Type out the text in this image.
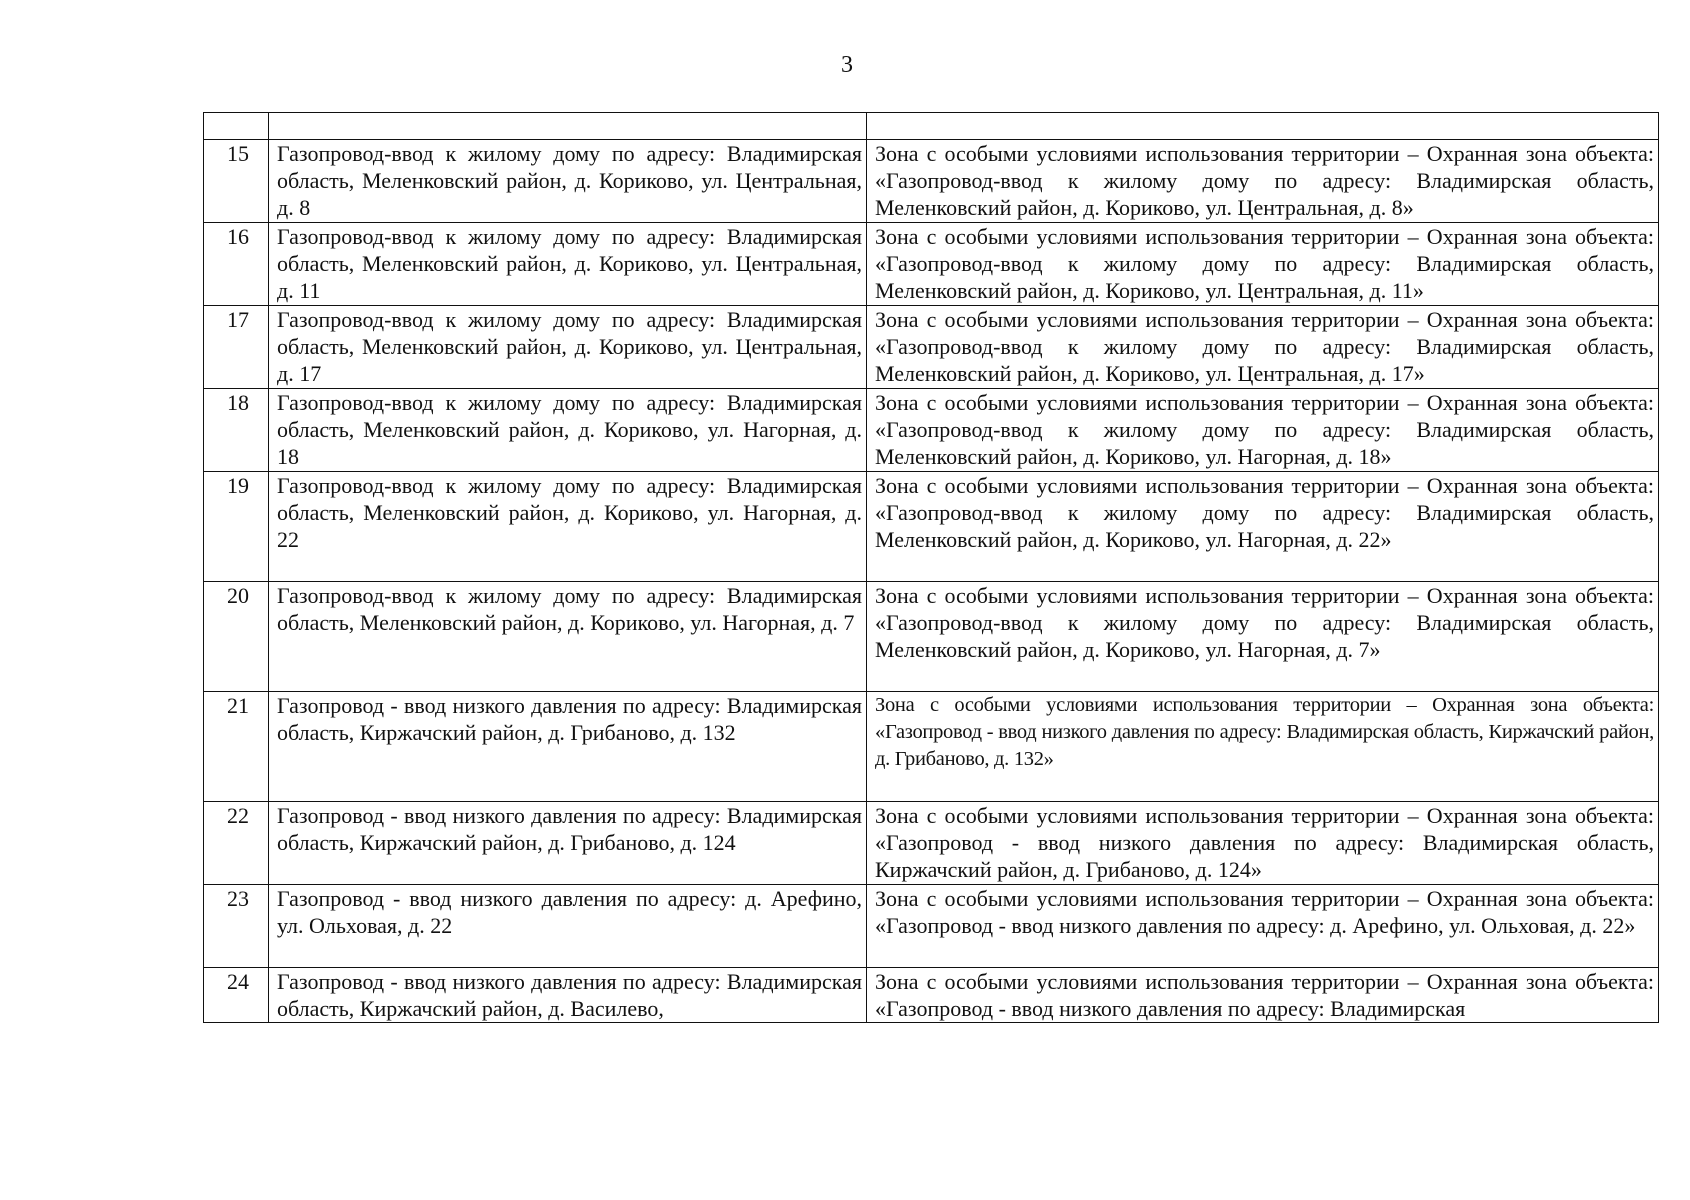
3

15	Газопровод-ввод к жилому дому по адресу: Владимирская область, Меленковский район, д. Кориково, ул. Центральная, д. 8	Зона с особыми условиями использования территории – Охранная зона объекта: «Газопровод-ввод к жилому дому по адресу: Владимирская область, Меленковский район, д. Кориково, ул. Центральная, д. 8»
16	Газопровод-ввод к жилому дому по адресу: Владимирская область, Меленковский район, д. Кориково, ул. Центральная, д. 11	Зона с особыми условиями использования территории – Охранная зона объекта: «Газопровод-ввод к жилому дому по адресу: Владимирская область, Меленковский район, д. Кориково, ул. Центральная, д. 11»
17	Газопровод-ввод к жилому дому по адресу: Владимирская область, Меленковский район, д. Кориково, ул. Центральная, д. 17	Зона с особыми условиями использования территории – Охранная зона объекта: «Газопровод-ввод к жилому дому по адресу: Владимирская область, Меленковский район, д. Кориково, ул. Центральная, д. 17»
18	Газопровод-ввод к жилому дому по адресу: Владимирская область, Меленковский район, д. Кориково, ул. Нагорная, д. 18	Зона с особыми условиями использования территории – Охранная зона объекта: «Газопровод-ввод к жилому дому по адресу: Владимирская область, Меленковский район, д. Кориково, ул. Нагорная, д. 18»
19	Газопровод-ввод к жилому дому по адресу: Владимирская область, Меленковский район, д. Кориково, ул. Нагорная, д. 22	Зона с особыми условиями использования территории – Охранная зона объекта: «Газопровод-ввод к жилому дому по адресу: Владимирская область, Меленковский район, д. Кориково, ул. Нагорная, д. 22»
20	Газопровод-ввод к жилому дому по адресу: Владимирская область, Меленковский район, д. Кориково, ул. Нагорная, д. 7	Зона с особыми условиями использования территории – Охранная зона объекта: «Газопровод-ввод к жилому дому по адресу: Владимирская область, Меленковский район, д. Кориково, ул. Нагорная, д. 7»
21	Газопровод - ввод низкого давления по адресу: Владимирская область, Киржачский район, д. Грибаново, д. 132	Зона с особыми условиями использования территории – Охранная зона объекта: «Газопровод - ввод низкого давления по адресу: Владимирская область, Киржачский район, д. Грибаново, д. 132»
22	Газопровод - ввод низкого давления по адресу: Владимирская область, Киржачский район, д. Грибаново, д. 124	Зона с особыми условиями использования территории – Охранная зона объекта: «Газопровод - ввод низкого давления по адресу: Владимирская область, Киржачский район, д. Грибаново, д. 124»
23	Газопровод - ввод низкого давления по адресу: д. Арефино, ул. Ольховая, д. 22	Зона с особыми условиями использования территории – Охранная зона объекта: «Газопровод - ввод низкого давления по адресу: д. Арефино, ул. Ольховая, д. 22»
24	Газопровод - ввод низкого давления по адресу: Владимирская область, Киржачский район, д. Василево,	Зона с особыми условиями использования территории – Охранная зона объекта: «Газопровод - ввод низкого давления по адресу: Владимирская
